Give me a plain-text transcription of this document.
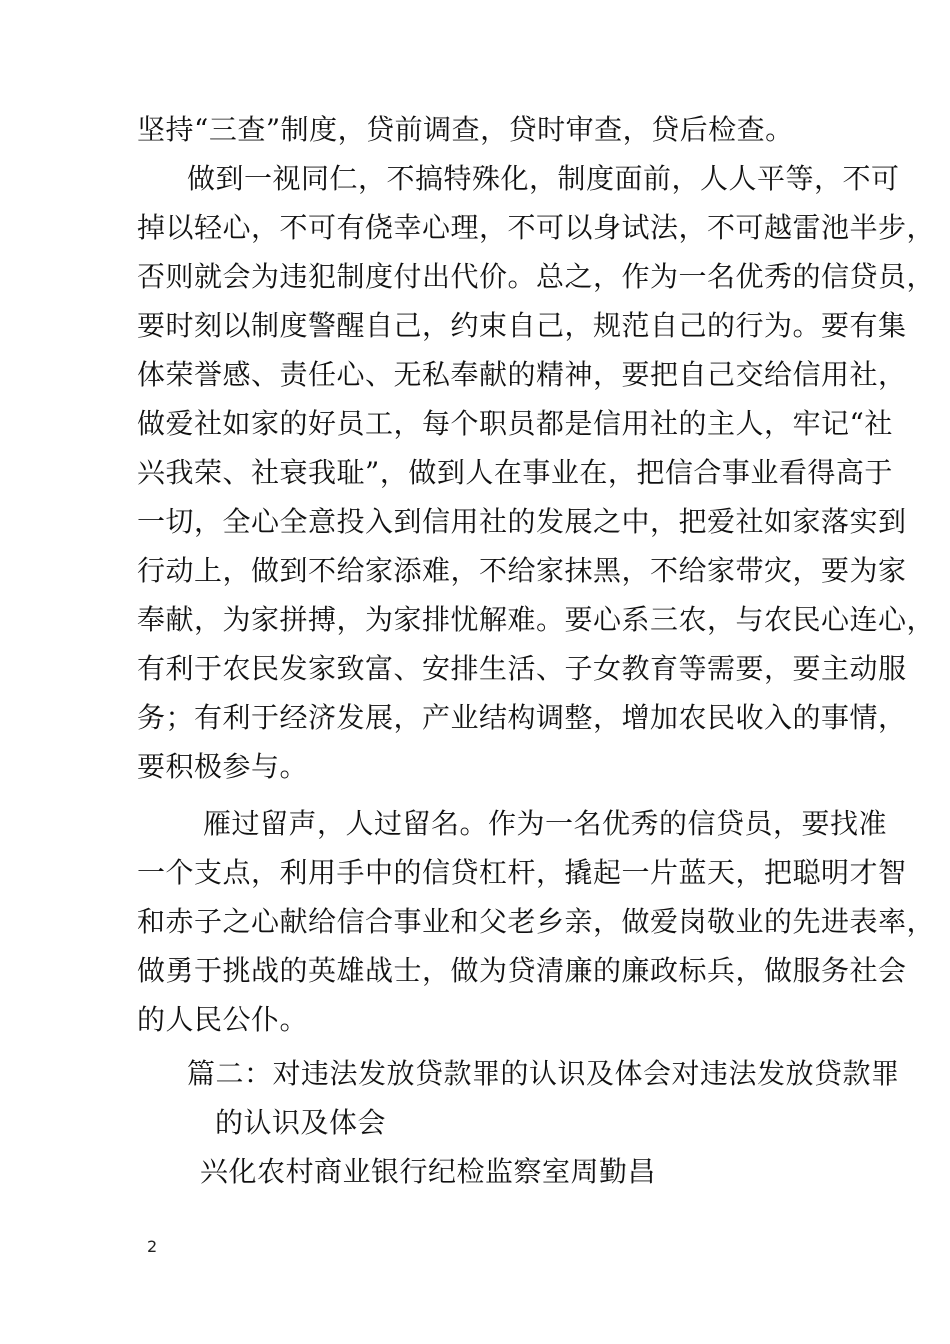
坚持“三查”制度，贷前调查，贷时审查，贷后检查。
做到一视同仁，不搞特殊化，制度面前，人人平等，不可
掉以轻心，不可有侥幸心理，不可以身试法，不可越雷池半步，
否则就会为违犯制度付出代价。总之，作为一名优秀的信贷员，
要时刻以制度警醒自己，约束自己，规范自己的行为。要有集
体荣誉感、责任心、无私奉献的精神，要把自己交给信用社，
做爱社如家的好员工，每个职员都是信用社的主人，牢记“社
兴我荣、社衰我耻”，做到人在事业在，把信合事业看得高于
一切，全心全意投入到信用社的发展之中，把爱社如家落实到
行动上，做到不给家添难，不给家抹黑，不给家带灾，要为家
奉献，为家拼搏，为家排忧解难。要心系三农，与农民心连心，
有利于农民发家致富、安排生活、子女教育等需要，要主动服
务；有利于经济发展，产业结构调整，增加农民收入的事情，
要积极参与。
雁过留声，人过留名。作为一名优秀的信贷员，要找准
一个支点，利用手中的信贷杠杆，撬起一片蓝天，把聪明才智
和赤子之心献给信合事业和父老乡亲，做爱岗敬业的先进表率，
做勇于挑战的英雄战士，做为贷清廉的廉政标兵，做服务社会
的人民公仆。
篇二：对违法发放贷款罪的认识及体会对违法发放贷款罪
的认识及体会
兴化农村商业银行纪检监察室周勤昌
2
